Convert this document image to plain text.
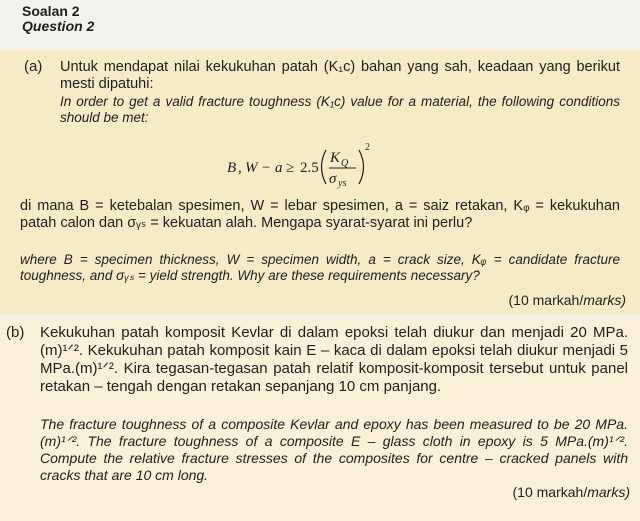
Soalan 2
Question 2
(a) Untuk mendapat nilai kekukuhan patah (K₁c) bahan yang sah, keadaan yang berikut mesti dipatuhi:
In order to get a valid fracture toughness (K₁c) value for a material, the following conditions should be met:
B , W − a ≥ 2.5
K Q
σ ys
2
di mana B = ketebalan spesimen, W = lebar spesimen, a = saiz retakan, Kᵩ = kekukuhan patah calon dan σᵧₛ = kekuatan alah. Mengapa syarat-syarat ini perlu?
where B = specimen thickness, W = specimen width, a = crack size, Kᵩ = candidate fracture toughness, and σᵧₛ = yield strength. Why are these requirements necessary?
(10 markah/marks)
(b) Kekukuhan patah komposit Kevlar di dalam epoksi telah diukur dan menjadi 20 MPa.(m)¹ᐟ². Kekukuhan patah komposit kain E – kaca di dalam epoksi telah diukur menjadi 5 MPa.(m)¹ᐟ². Kira tegasan-tegasan patah relatif komposit-komposit tersebut untuk panel retakan – tengah dengan retakan sepanjang 10 cm panjang.
The fracture toughness of a composite Kevlar and epoxy has been measured to be 20 MPa.(m)¹ᐟ². The fracture toughness of a composite E – glass cloth in epoxy is 5 MPa.(m)¹ᐟ². Compute the relative fracture stresses of the composites for centre – cracked panels with cracks that are 10 cm long.
(10 markah/marks)
